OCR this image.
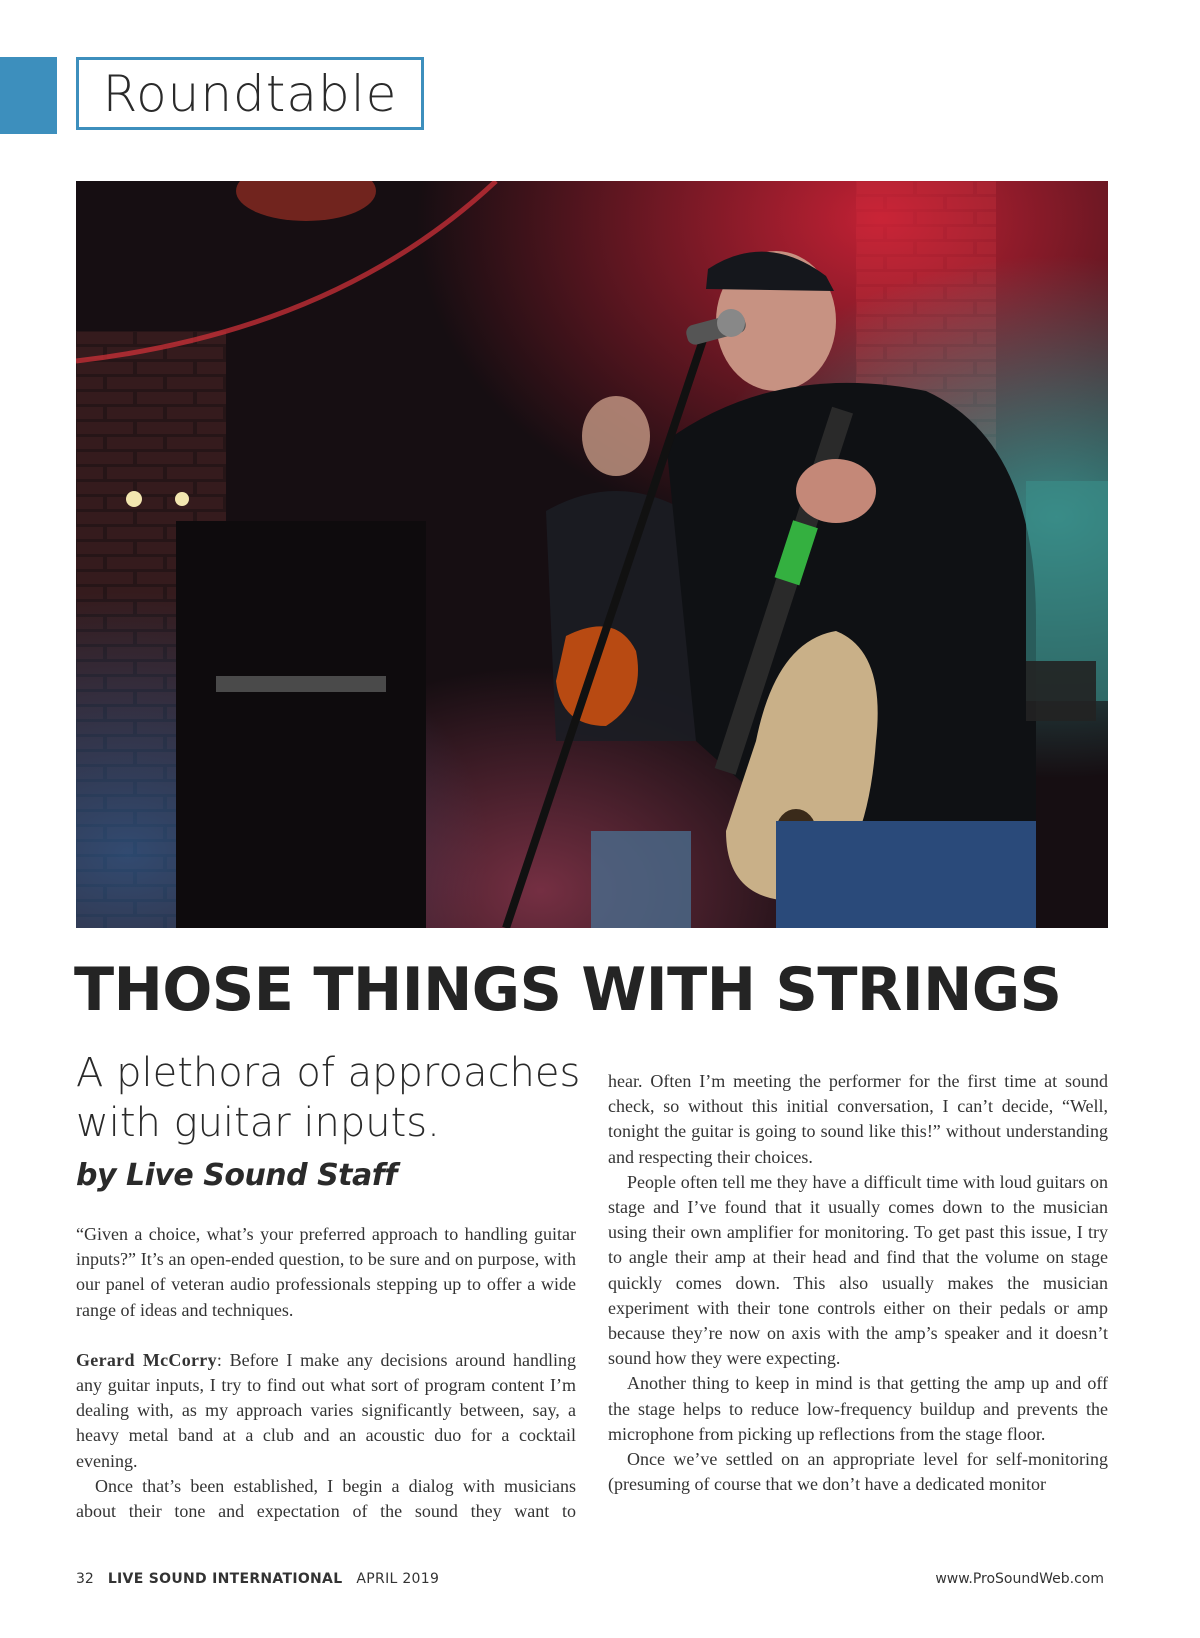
Roundtable
THOSE THINGS WITH STRINGS
A plethora of approaches with guitar inputs.
by Live Sound Staff

“Given a choice, what’s your preferred approach to handling guitar inputs?” It’s an open-ended question, to be sure and on purpose, with our panel of veteran audio professionals stepping up to offer a wide range of ideas and techniques.

Gerard McCorry: Before I make any decisions around handling any guitar inputs, I try to find out what sort of program content I’m dealing with, as my approach varies significantly between, say, a heavy metal band at a club and an acoustic duo for a cocktail evening.

Once that’s been established, I begin a dialog with musicians about their tone and expectation of the sound they want to

hear. Often I’m meeting the performer for the first time at sound check, so without this initial conversation, I can’t decide, “Well, tonight the guitar is going to sound like this!” without understanding and respecting their choices.

People often tell me they have a difficult time with loud guitars on stage and I’ve found that it usually comes down to the musician using their own amplifier for monitoring. To get past this issue, I try to angle their amp at their head and find that the volume on stage quickly comes down. This also usually makes the musician experiment with their tone controls either on their pedals or amp because they’re now on axis with the amp’s speaker and it doesn’t sound how they were expecting.

Another thing to keep in mind is that getting the amp up and off the stage helps to reduce low-frequency buildup and prevents the microphone from picking up reflections from the stage floor.

Once we’ve settled on an appropriate level for self-monitoring (presuming of course that we don’t have a dedicated monitor

32 LIVE SOUND INTERNATIONAL APRIL 2019	www.ProSoundWeb.com
